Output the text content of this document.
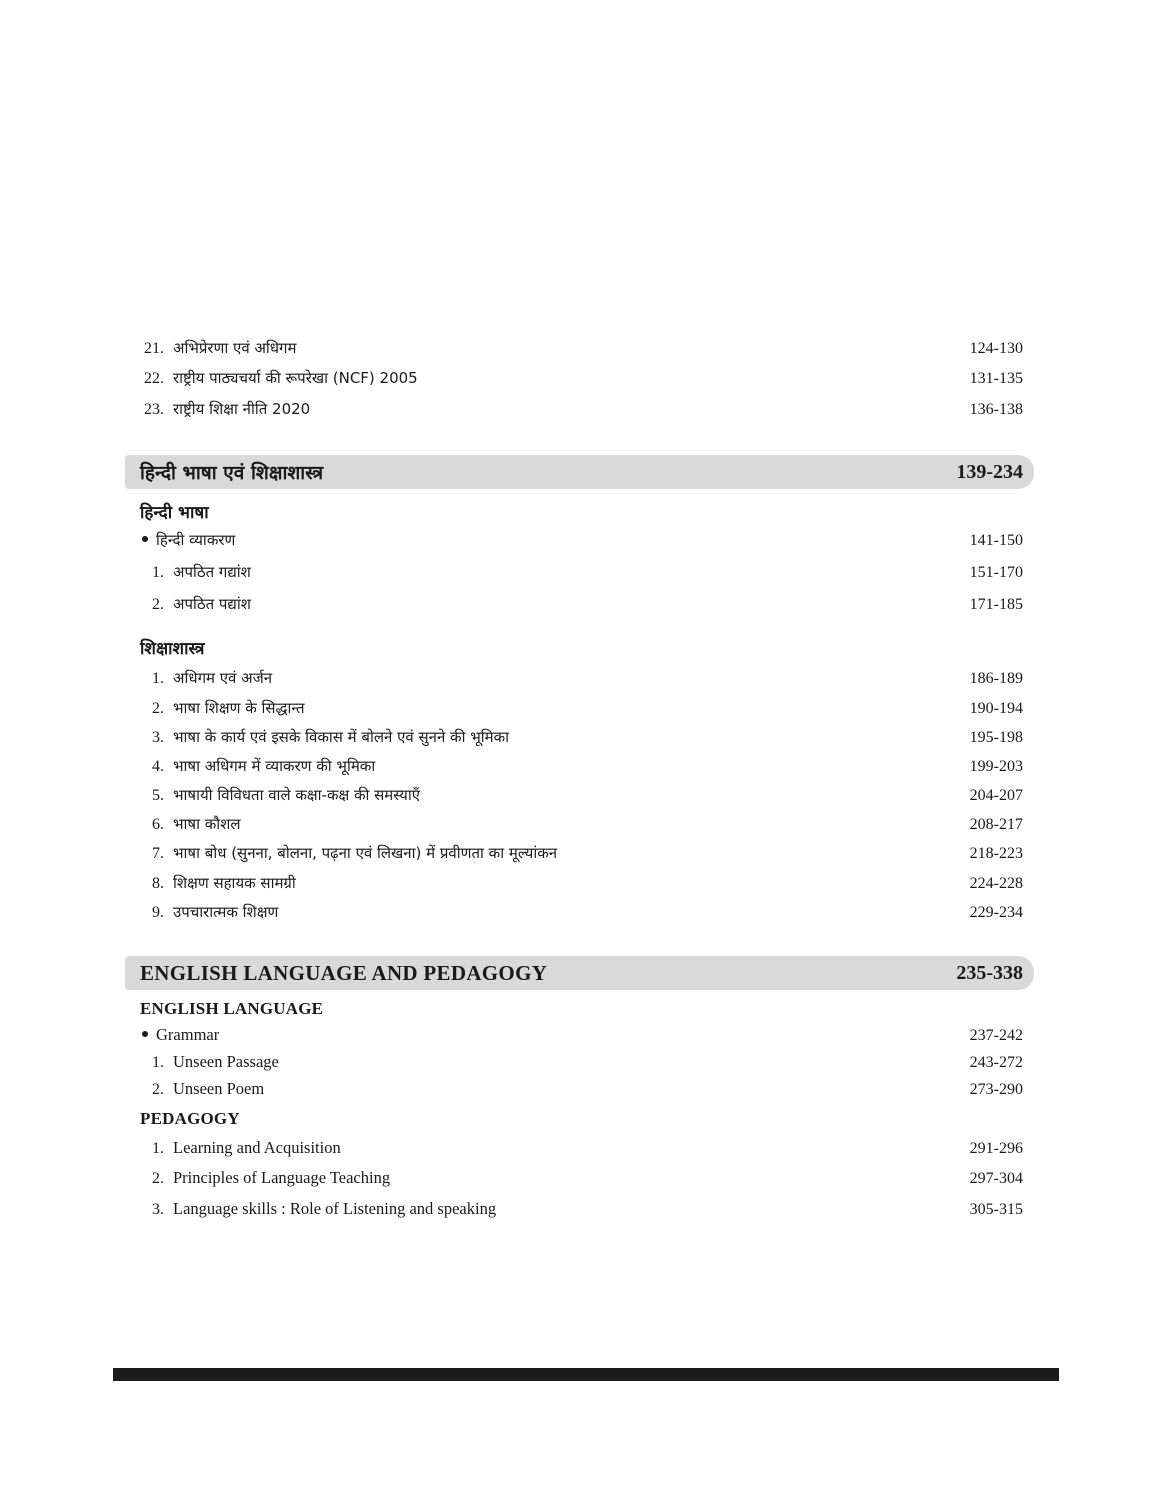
21. अभिप्रेरणा एवं अधिगम	124-130
22. राष्ट्रीय पाठ्यचर्या की रूपरेखा (NCF) 2005	131-135
23. राष्ट्रीय शिक्षा नीति 2020	136-138
हिन्दी भाषा एवं शिक्षाशास्त्र	139-234
हिन्दी भाषा
हिन्दी व्याकरण	141-150
1. अपठित गद्यांश	151-170
2. अपठित पद्यांश	171-185
शिक्षाशास्त्र
1. अधिगम एवं अर्जन	186-189
2. भाषा शिक्षण के सिद्धान्त	190-194
3. भाषा के कार्य एवं इसके विकास में बोलने एवं सुनने की भूमिका	195-198
4. भाषा अधिगम में व्याकरण की भूमिका	199-203
5. भाषायी विविधता वाले कक्षा-कक्ष की समस्याएँ	204-207
6. भाषा कौशल	208-217
7. भाषा बोध (सुनना, बोलना, पढ़ना एवं लिखना) में प्रवीणता का मूल्यांकन	218-223
8. शिक्षण सहायक सामग्री	224-228
9. उपचारात्मक शिक्षण	229-234
ENGLISH LANGUAGE AND PEDAGOGY	235-338
ENGLISH LANGUAGE
Grammar	237-242
1. Unseen Passage	243-272
2. Unseen Poem	273-290
PEDAGOGY
1. Learning and Acquisition	291-296
2. Principles of Language Teaching	297-304
3. Language skills : Role of Listening and speaking	305-315
